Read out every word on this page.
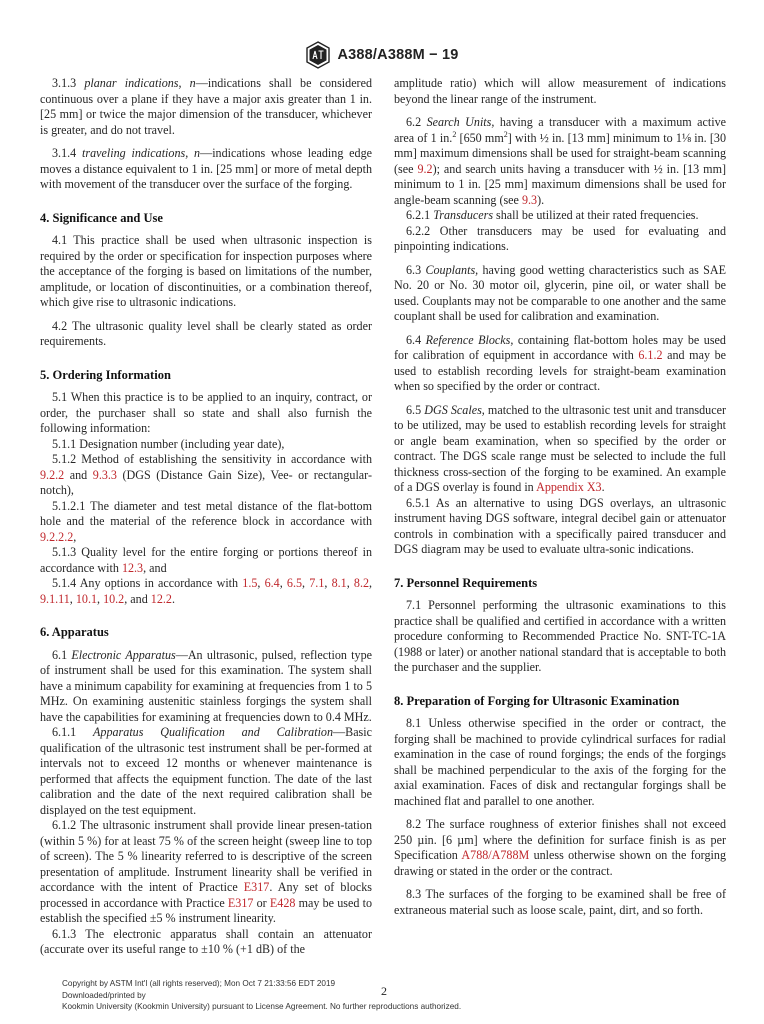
A388/A388M − 19

3.1.3 planar indications, n—indications shall be considered continuous over a plane if they have a major axis greater than 1 in. [25 mm] or twice the major dimension of the transducer, whichever is greater, and do not travel.

3.1.4 traveling indications, n—indications whose leading edge moves a distance equivalent to 1 in. [25 mm] or more of metal depth with movement of the transducer over the surface of the forging.

4. Significance and Use

4.1 This practice shall be used when ultrasonic inspection is required by the order or specification for inspection purposes where the acceptance of the forging is based on limitations of the number, amplitude, or location of discontinuities, or a combination thereof, which give rise to ultrasonic indications.

4.2 The ultrasonic quality level shall be clearly stated as order requirements.

5. Ordering Information

5.1 When this practice is to be applied to an inquiry, contract, or order, the purchaser shall so state and shall also furnish the following information:

5.1.1 Designation number (including year date),

5.1.2 Method of establishing the sensitivity in accordance with 9.2.2 and 9.3.3 (DGS (Distance Gain Size), Vee- or rectangular-notch),

5.1.2.1 The diameter and test metal distance of the flat-bottom hole and the material of the reference block in accordance with 9.2.2.2,

5.1.3 Quality level for the entire forging or portions thereof in accordance with 12.3, and

5.1.4 Any options in accordance with 1.5, 6.4, 6.5, 7.1, 8.1, 8.2, 9.1.11, 10.1, 10.2, and 12.2.

6. Apparatus

6.1 Electronic Apparatus—An ultrasonic, pulsed, reflection type of instrument shall be used for this examination. The system shall have a minimum capability for examining at frequencies from 1 to 5 MHz. On examining austenitic stainless forgings the system shall have the capabilities for examining at frequencies down to 0.4 MHz.

6.1.1 Apparatus Qualification and Calibration—Basic qualification of the ultrasonic test instrument shall be per-formed at intervals not to exceed 12 months or whenever maintenance is performed that affects the equipment function. The date of the last calibration and the date of the next required calibration shall be displayed on the test equipment.

6.1.2 The ultrasonic instrument shall provide linear presen-tation (within 5 %) for at least 75 % of the screen height (sweep line to top of screen). The 5 % linearity referred to is descriptive of the screen presentation of amplitude. Instrument linearity shall be verified in accordance with the intent of Practice E317. Any set of blocks processed in accordance with Practice E317 or E428 may be used to establish the specified ±5 % instrument linearity.

6.1.3 The electronic apparatus shall contain an attenuator (accurate over its useful range to ±10 % (+1 dB) of the

amplitude ratio) which will allow measurement of indications beyond the linear range of the instrument.

6.2 Search Units, having a transducer with a maximum active area of 1 in.$^2$ [650 $mm^2$] with ½ in. [13 mm] minimum to 1⅛ in. [30 mm] maximum dimensions shall be used for straight-beam scanning (see 9.2); and search units having a transducer with ½ in. [13 mm] minimum to 1 in. [25 mm] maximum dimensions shall be used for angle-beam scanning (see 9.3).

6.2.1 Transducers shall be utilized at their rated frequencies.

6.2.2 Other transducers may be used for evaluating and pinpointing indications.

6.3 Couplants, having good wetting characteristics such as SAE No. 20 or No. 30 motor oil, glycerin, pine oil, or water shall be used. Couplants may not be comparable to one another and the same couplant shall be used for calibration and examination.

6.4 Reference Blocks, containing flat-bottom holes may be used for calibration of equipment in accordance with 6.1.2 and may be used to establish recording levels for straight-beam examination when so specified by the order or contract.

6.5 DGS Scales, matched to the ultrasonic test unit and transducer to be utilized, may be used to establish recording levels for straight or angle beam examination, when so specified by the order or contract. The DGS scale range must be selected to include the full thickness cross-section of the forging to be examined. An example of a DGS overlay is found in Appendix X3.

6.5.1 As an alternative to using DGS overlays, an ultrasonic instrument having DGS software, integral decibel gain or attenuator controls in combination with a specifically paired transducer and DGS diagram may be used to evaluate ultra-sonic indications.

7. Personnel Requirements

7.1 Personnel performing the ultrasonic examinations to this practice shall be qualified and certified in accordance with a written procedure conforming to Recommended Practice No. SNT-TC-1A (1988 or later) or another national standard that is acceptable to both the purchaser and the supplier.

8. Preparation of Forging for Ultrasonic Examination

8.1 Unless otherwise specified in the order or contract, the forging shall be machined to provide cylindrical surfaces for radial examination in the case of round forgings; the ends of the forgings shall be machined perpendicular to the axis of the forging for the axial examination. Faces of disk and rectangular forgings shall be machined flat and parallel to one another.

8.2 The surface roughness of exterior finishes shall not exceed 250 µin. [6 µm] where the definition for surface finish is as per Specification A788/A788M unless otherwise shown on the forging drawing or stated in the order or the contract.

8.3 The surfaces of the forging to be examined shall be free of extraneous material such as loose scale, paint, dirt, and so forth.

Copyright by ASTM Int'l (all rights reserved); Mon Oct 7 21:33:56 EDT 2019
Downloaded/printed by
Kookmin University (Kookmin University) pursuant to License Agreement. No further reproductions authorized.
2
